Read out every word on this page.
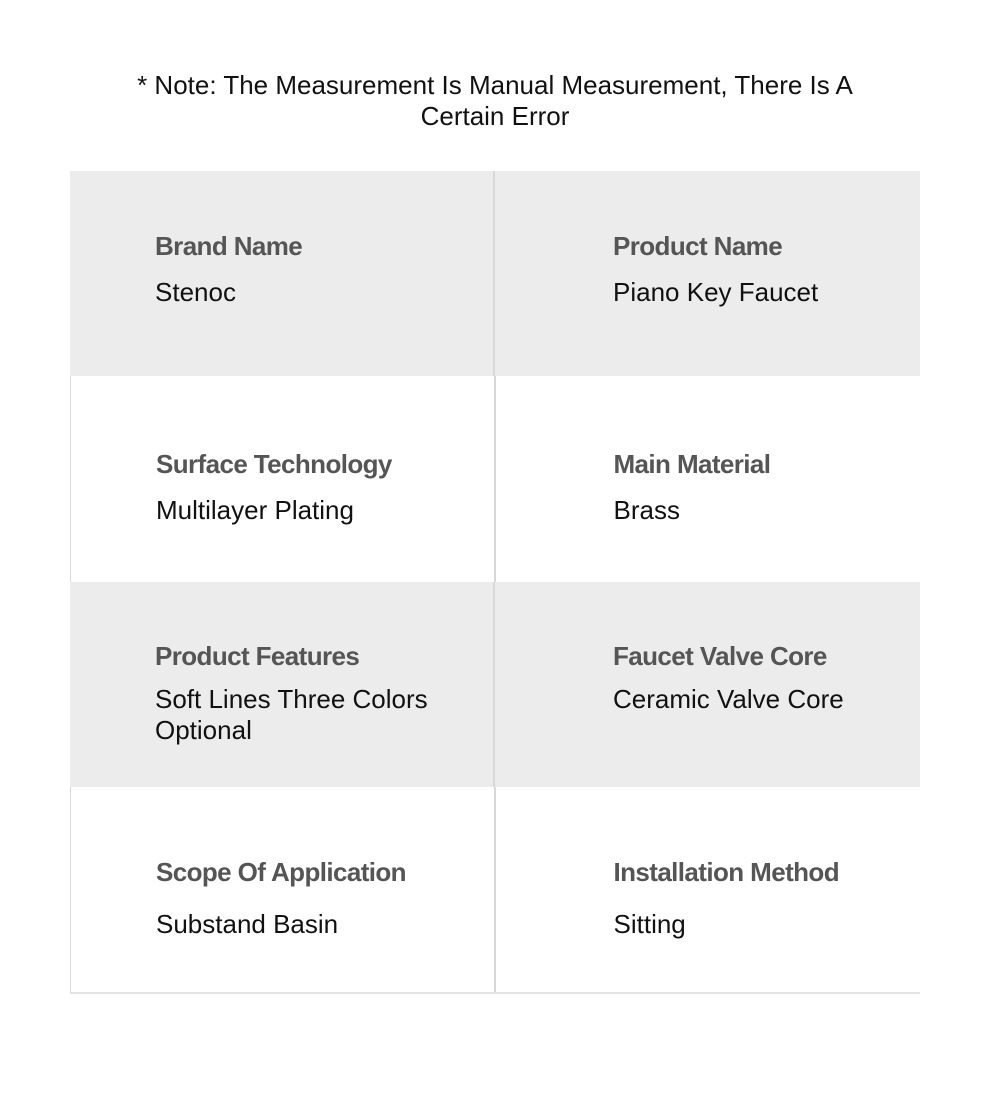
* Note: The Measurement Is Manual Measurement, There Is A Certain Error
Brand Name
Stenoc
Product Name
Piano Key Faucet
Surface Technology
Multilayer Plating
Main Material
Brass
Product Features
Soft Lines Three Colors Optional
Faucet Valve Core
Ceramic Valve Core
Scope Of Application
Substand Basin
Installation Method
Sitting
